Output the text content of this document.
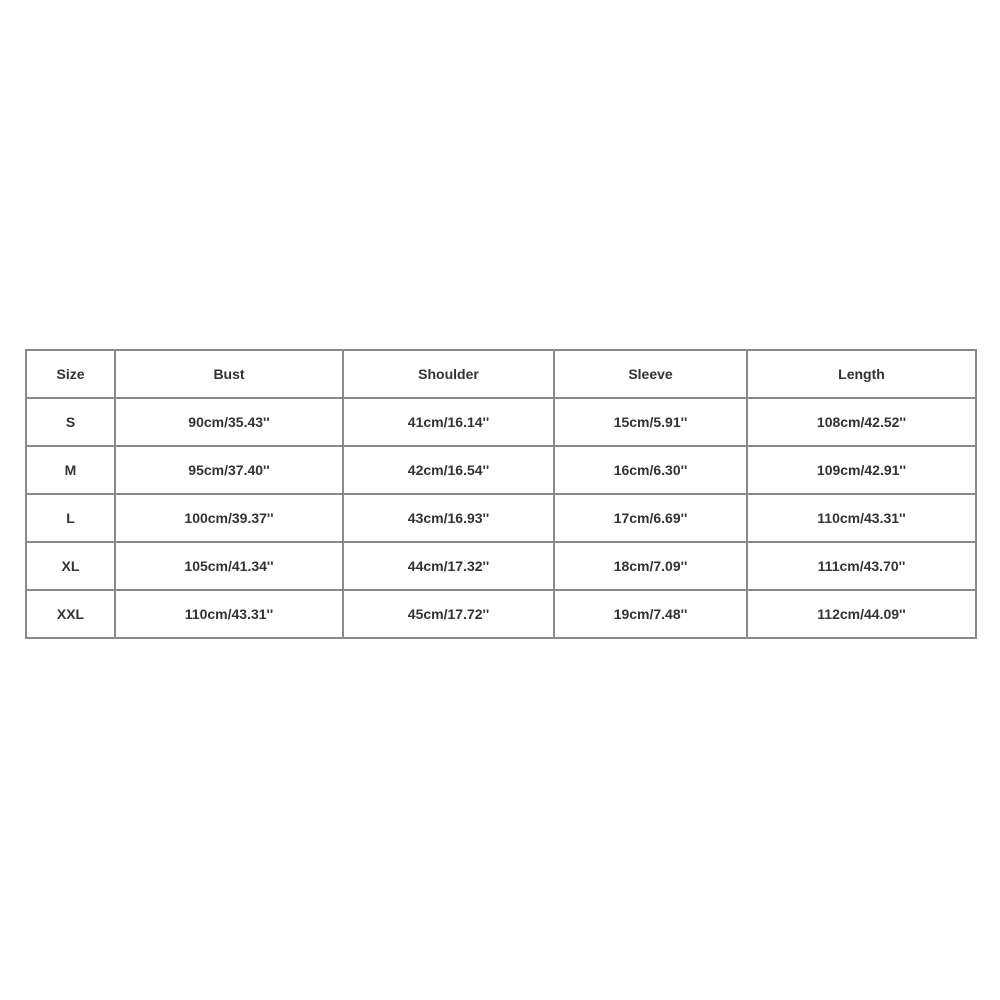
Size	Bust	Shoulder	Sleeve	Length
S	90cm/35.43''	41cm/16.14''	15cm/5.91''	108cm/42.52''
M	95cm/37.40''	42cm/16.54''	16cm/6.30''	109cm/42.91''
L	100cm/39.37''	43cm/16.93''	17cm/6.69''	110cm/43.31''
XL	105cm/41.34''	44cm/17.32''	18cm/7.09''	111cm/43.70''
XXL	110cm/43.31''	45cm/17.72''	19cm/7.48''	112cm/44.09''
